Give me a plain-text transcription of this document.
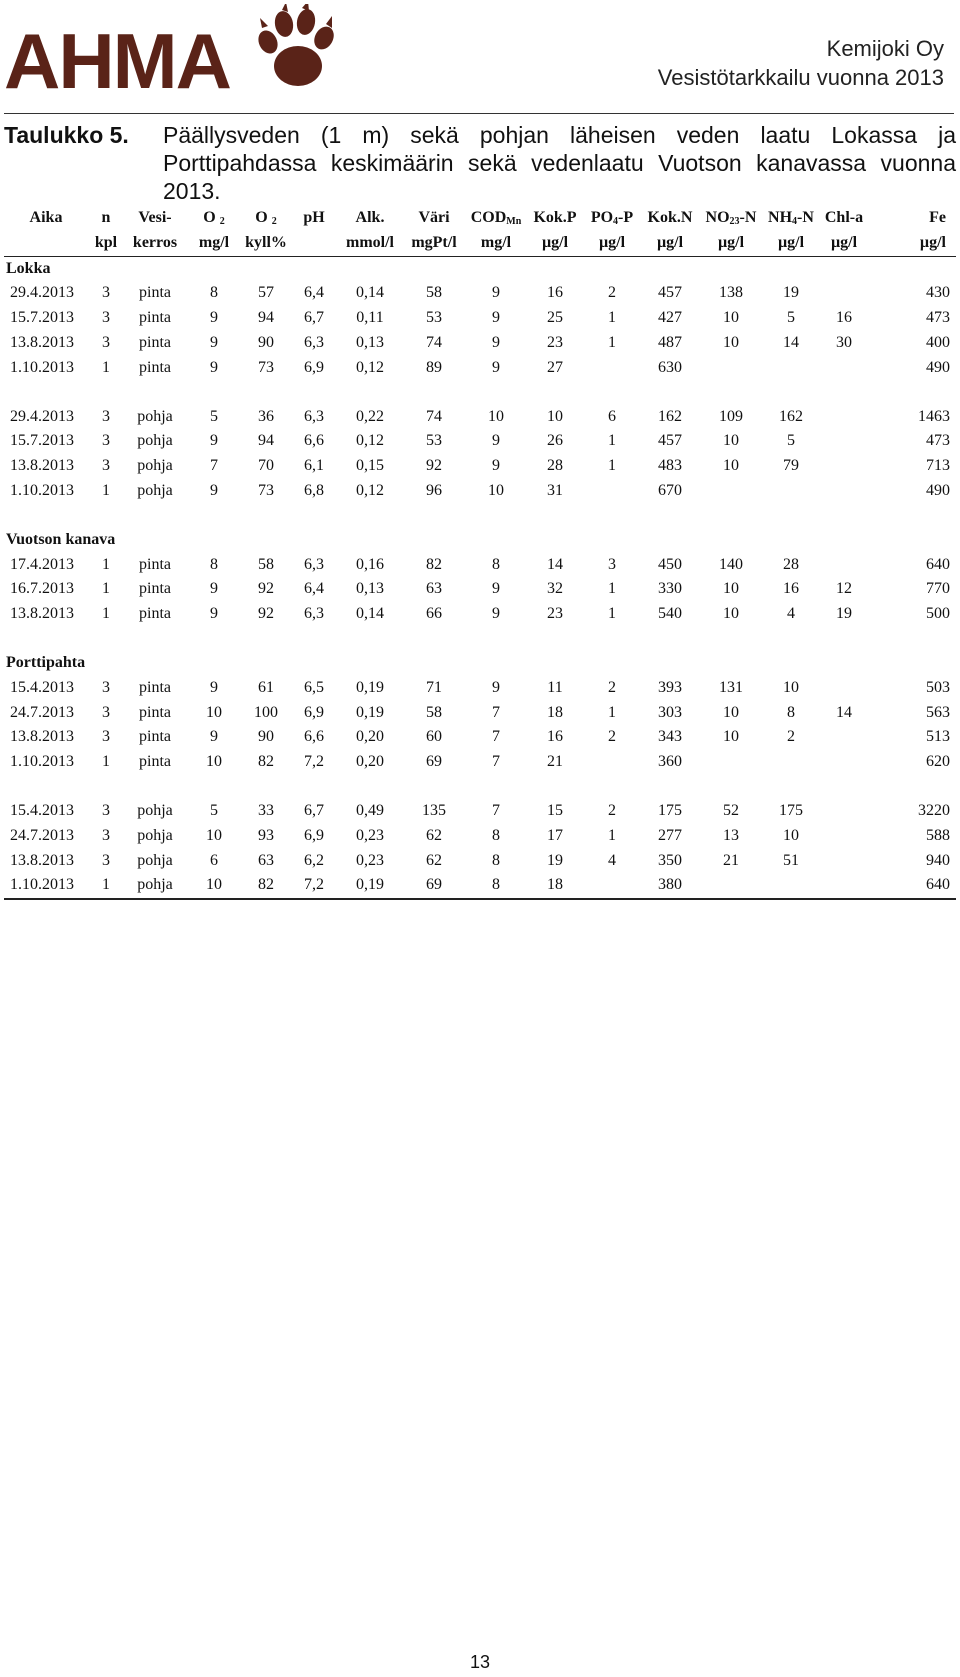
AHMA	Kemijoki Oy
Vesistötarkkailu vuonna 2013
Taulukko 5. Päällysveden (1 m) sekä pohjan läheisen veden laatu Lokassa ja Porttipahdassa keskimäärin sekä vedenlaatu Vuotson kanavassa vuonna 2013.
Aika	n	Vesi-	O $_2$	O $_2$	pH	Alk.	Väri	$COD_{Mn}$	Kok.P	$PO_4-P$	Kok.N	$NO_{23}-N$	$NH_4-N$	Chl-a	Fe
	kpl	kerros	mg/l	kyll%		mmol/l	mgPt/l	mg/l	µg/l	µg/l	µg/l	µg/l	µg/l	µg/l	µg/l
Lokka															
29.4.2013	3	pinta	8	57	6,4	0,14	58	9	16	2	457	138	19		430
15.7.2013	3	pinta	9	94	6,7	0,11	53	9	25	1	427	10	5	16	473
13.8.2013	3	pinta	9	90	6,3	0,13	74	9	23	1	487	10	14	30	400
1.10.2013	1	pinta	9	73	6,9	0,12	89	9	27		630				490

29.4.2013	3	pohja	5	36	6,3	0,22	74	10	10	6	162	109	162		1463
15.7.2013	3	pohja	9	94	6,6	0,12	53	9	26	1	457	10	5		473
13.8.2013	3	pohja	7	70	6,1	0,15	92	9	28	1	483	10	79		713
1.10.2013	1	pohja	9	73	6,8	0,12	96	10	31		670				490

Vuotson kanava															
17.4.2013	1	pinta	8	58	6,3	0,16	82	8	14	3	450	140	28		640
16.7.2013	1	pinta	9	92	6,4	0,13	63	9	32	1	330	10	16	12	770
13.8.2013	1	pinta	9	92	6,3	0,14	66	9	23	1	540	10	4	19	500

Porttipahta															
15.4.2013	3	pinta	9	61	6,5	0,19	71	9	11	2	393	131	10		503
24.7.2013	3	pinta	10	100	6,9	0,19	58	7	18	1	303	10	8	14	563
13.8.2013	3	pinta	9	90	6,6	0,20	60	7	16	2	343	10	2		513
1.10.2013	1	pinta	10	82	7,2	0,20	69	7	21		360				620

15.4.2013	3	pohja	5	33	6,7	0,49	135	7	15	2	175	52	175		3220
24.7.2013	3	pohja	10	93	6,9	0,23	62	8	17	1	277	13	10		588
13.8.2013	3	pohja	6	63	6,2	0,23	62	8	19	4	350	21	51		940
1.10.2013	1	pohja	10	82	7,2	0,19	69	8	18		380				640
13
